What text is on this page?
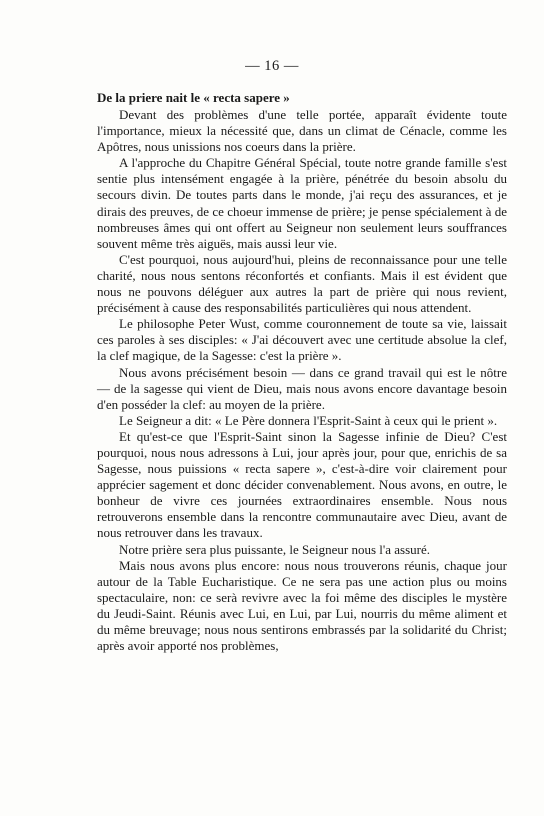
— 16 —
De la priere nait le « recta sapere »

Devant des problèmes d'une telle portée, apparaît évidente toute l'importance, mieux la nécessité que, dans un climat de Cénacle, comme les Apôtres, nous unissions nos coeurs dans la prière.

A l'approche du Chapitre Général Spécial, toute notre grande famille s'est sentie plus intensément engagée à la prière, pénétrée du besoin absolu du secours divin. De toutes parts dans le monde, j'ai reçu des assurances, et je dirais des preuves, de ce choeur immense de prière; je pense spécialement à de nombreuses âmes qui ont offert au Seigneur non seulement leurs souffrances souvent même très aiguës, mais aussi leur vie.

C'est pourquoi, nous aujourd'hui, pleins de reconnaissance pour une telle charité, nous nous sentons réconfortés et confiants. Mais il est évident que nous ne pouvons déléguer aux autres la part de prière qui nous revient, précisément à cause des responsabilités particulières qui nous attendent.

Le philosophe Peter Wust, comme couronnement de toute sa vie, laissait ces paroles à ses disciples: « J'ai découvert avec une certitude absolue la clef, la clef magique, de la Sagesse: c'est la prière ».

Nous avons précisément besoin — dans ce grand travail qui est le nôtre — de la sagesse qui vient de Dieu, mais nous avons encore davantage besoin d'en posséder la clef: au moyen de la prière.

Le Seigneur a dit: « Le Père donnera l'Esprit-Saint à ceux qui le prient ».

Et qu'est-ce que l'Esprit-Saint sinon la Sagesse infinie de Dieu? C'est pourquoi, nous nous adressons à Lui, jour après jour, pour que, enrichis de sa Sagesse, nous puissions « recta sapere », c'est-à-dire voir clairement pour apprécier sagement et donc décider convenablement. Nous avons, en outre, le bonheur de vivre ces journées extraordinaires ensemble. Nous nous retrouverons ensemble dans la rencontre communautaire avec Dieu, avant de nous retrouver dans les travaux.

Notre prière sera plus puissante, le Seigneur nous l'a assuré.

Mais nous avons plus encore: nous nous trouverons réunis, chaque jour autour de la Table Eucharistique. Ce ne sera pas une action plus ou moins spectaculaire, non: ce serà revivre avec la foi même des disciples le mystère du Jeudi-Saint. Réunis avec Lui, en Lui, par Lui, nourris du même aliment et du même breuvage; nous nous sentirons embrassés par la solidarité du Christ; après avoir apporté nos problèmes,
